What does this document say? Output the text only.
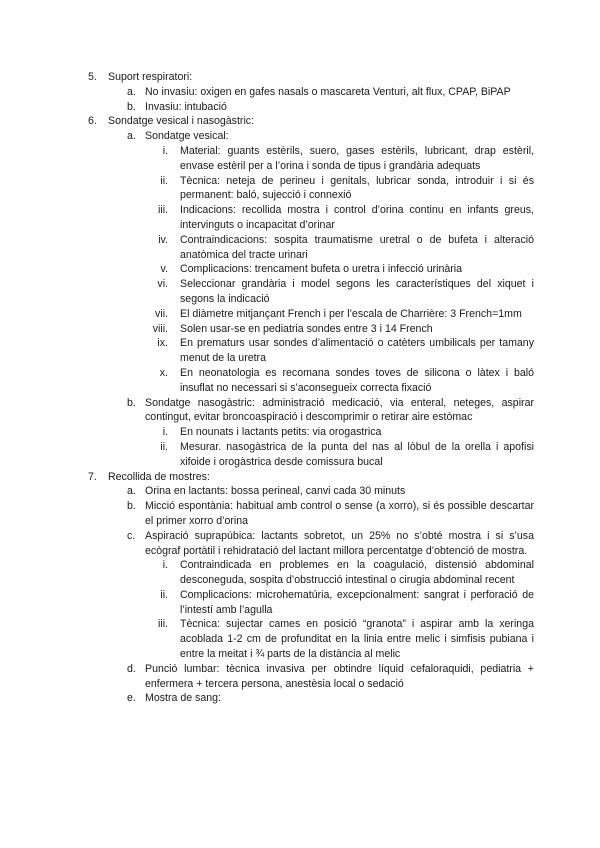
5. Suport respiratori:
a. No invasiu: oxigen en gafes nasals o mascareta Venturi, alt flux, CPAP, BiPAP
b. Invasiu: intubació
6. Sondatge vesical i nasogàstric:
a. Sondatge vesical:
i. Material: guants estèrils, suero, gases estèrils, lubricant, drap estèril, envase estèril per a l’orina i sonda de tipus i grandària adequats
ii. Tècnica: neteja de perineu i genitals, lubricar sonda, introduir i si és permanent: baló, sujecció i connexió
iii. Indicacions: recollida mostra i control d’orina continu en infants greus, intervinguts o incapacitat d’orinar
iv. Contraindicacions: sospita traumatisme uretral o de bufeta i alteració anatòmica del tracte urinari
v. Complicacions: trencament bufeta o uretra i infecció urinària
vi. Seleccionar grandària i model segons les característiques del xiquet i segons la indicació
vii. El diàmetre mitjançant French i per l’escala de Charrière: 3 French=1mm
viii. Solen usar-se en pediatria sondes entre 3 i 14 French
ix. En prematurs usar sondes d’alimentació o catèters umbilicals per tamany menut de la uretra
x. En neonatologia es recomana sondes toves de silicona o làtex i baló insuflat no necessari si s’aconsegueix correcta fixació
b. Sondatge nasogàstric: administració medicació, via enteral, neteges, aspirar contingut, evitar broncoaspiració i descomprimir o retirar aire estòmac
i. En nounats i lactants petits: via orogastrica
ii. Mesurar. nasogàstrica de la punta del nas al lòbul de la orella i apofisi xifoide i orogàstrica desde comissura bucal
7. Recollida de mostres:
a. Orina en lactants: bossa perineal, canvi cada 30 minuts
b. Micció espontània: habitual amb control o sense (a xorro), si és possible descartar el primer xorro d’orina
c. Aspiració suprapúbica: lactants sobretot, un 25% no s’obté mostra i si s’usa ecògraf portàtil i rehidratació del lactant millora percentatge d’obtenció de mostra.
i. Contraindicada en problemes en la coagulació, distensió abdominal desconeguda, sospita d’obstrucció intestinal o cirugia abdominal recent
ii. Complicacions: microhematúria, excepcionalment: sangrat i perforació de l’intestí amb l’agulla
iii. Tècnica: sujectar cames en posició “granota” i aspirar amb la xeringa acoblada 1-2 cm de profunditat en la linia entre melic i simfisis pubiana i entre la meitat i ¾ parts de la distància al melic
d. Punció lumbar: tècnica invasiva per obtindre líquid cefaloraquidi, pediatria + enfermera + tercera persona, anestèsia local o sedació
e. Mostra de sang:
